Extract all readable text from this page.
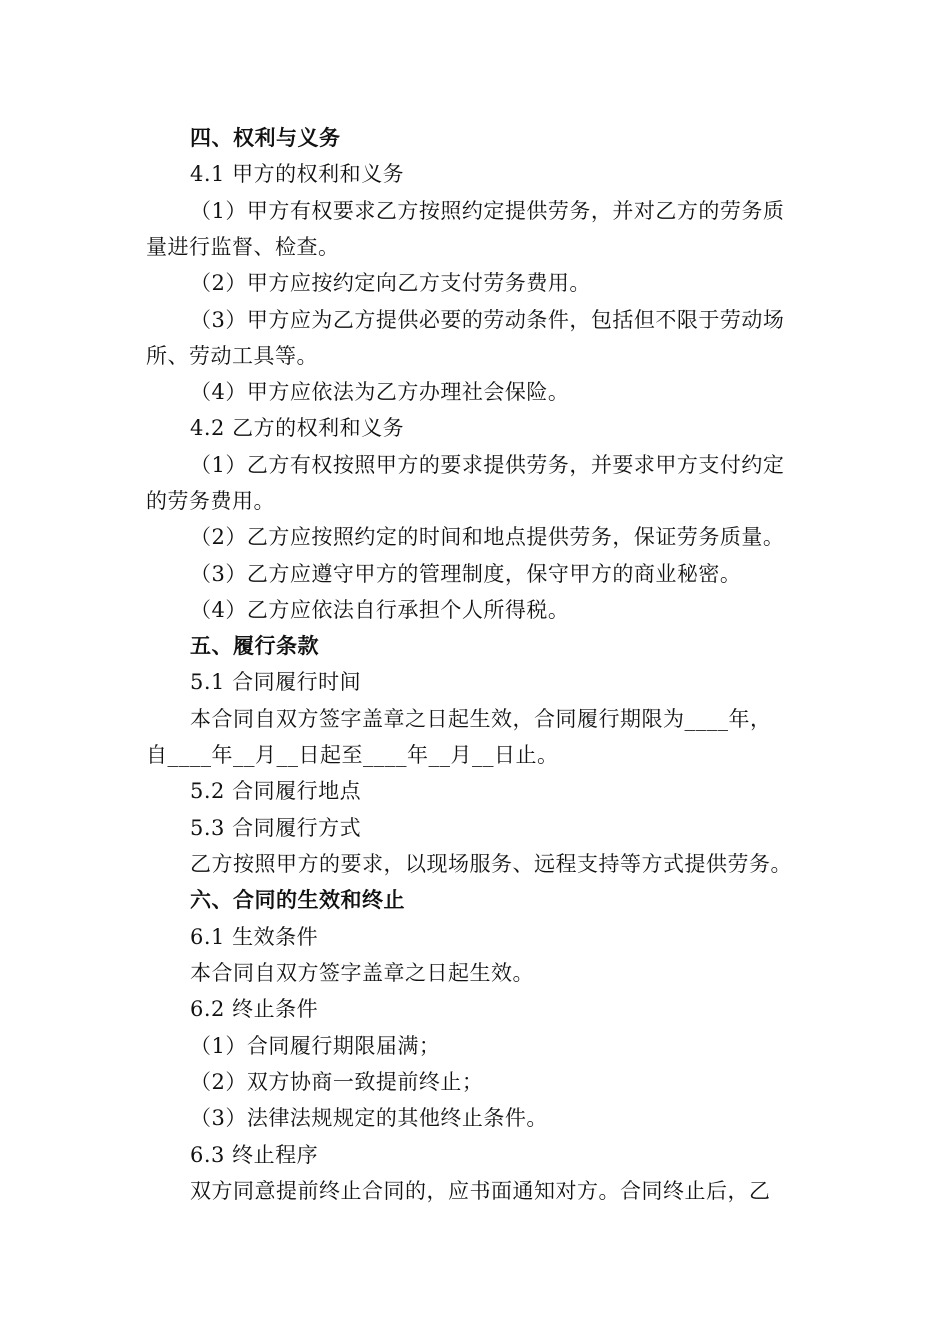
四、权利与义务
4.1 甲方的权利和义务
（1）甲方有权要求乙方按照约定提供劳务，并对乙方的劳务质
量进行监督、检查。
（2）甲方应按约定向乙方支付劳务费用。
（3）甲方应为乙方提供必要的劳动条件，包括但不限于劳动场
所、劳动工具等。
（4）甲方应依法为乙方办理社会保险。
4.2 乙方的权利和义务
（1）乙方有权按照甲方的要求提供劳务，并要求甲方支付约定
的劳务费用。
（2）乙方应按照约定的时间和地点提供劳务，保证劳务质量。
（3）乙方应遵守甲方的管理制度，保守甲方的商业秘密。
（4）乙方应依法自行承担个人所得税。
五、履行条款
5.1 合同履行时间
本合同自双方签字盖章之日起生效，合同履行期限为____年，
自____年__月__日起至____年__月__日止。
5.2 合同履行地点
5.3 合同履行方式
乙方按照甲方的要求，以现场服务、远程支持等方式提供劳务。
六、合同的生效和终止
6.1 生效条件
本合同自双方签字盖章之日起生效。
6.2 终止条件
（1）合同履行期限届满；
（2）双方协商一致提前终止；
（3）法律法规规定的其他终止条件。
6.3 终止程序
双方同意提前终止合同的，应书面通知对方。合同终止后，乙
